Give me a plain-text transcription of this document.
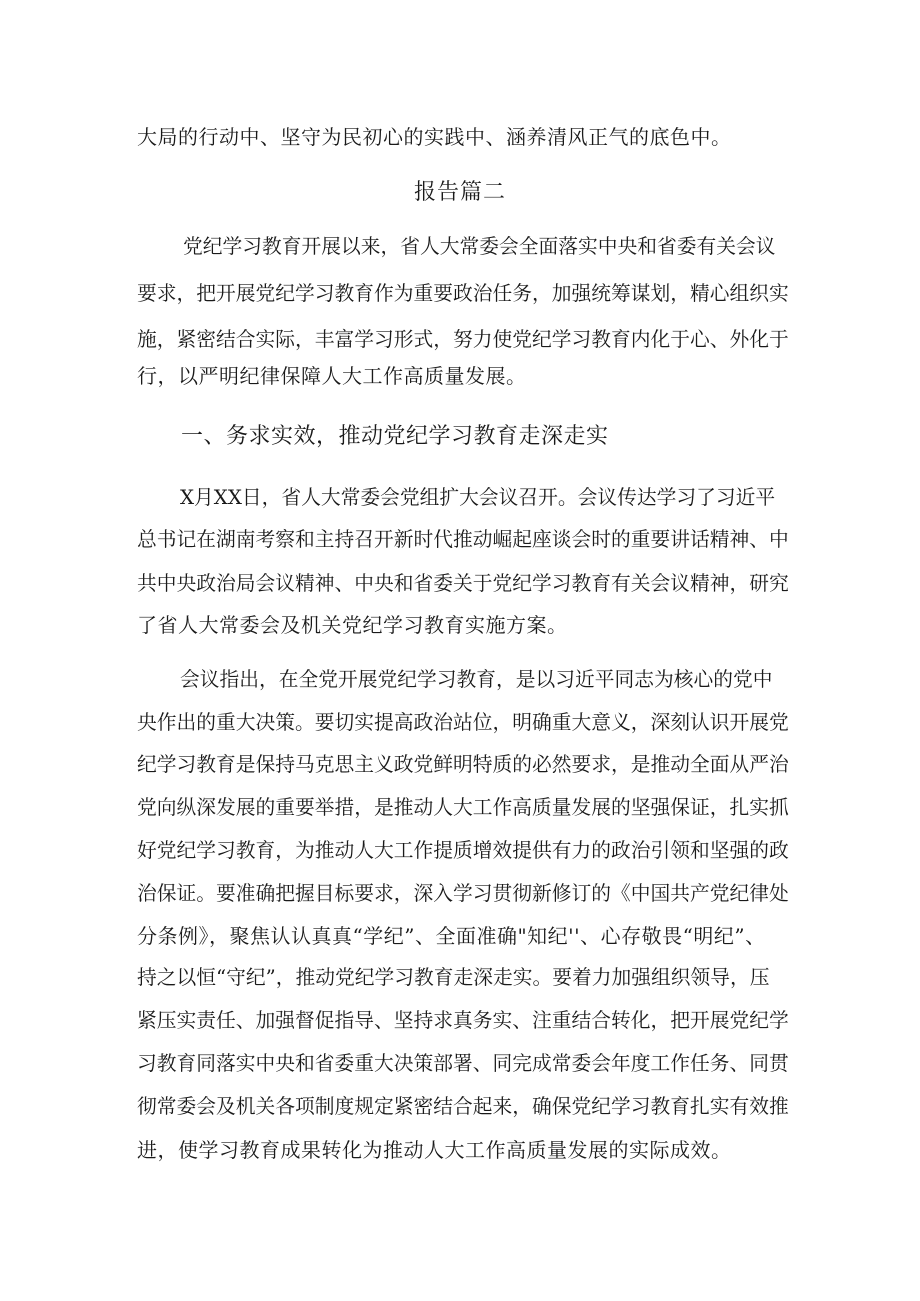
大局的行动中、坚守为民初心的实践中、涵养清风正气的底色中。
报告篇二
党纪学习教育开展以来，省人大常委会全面落实中央和省委有关会议
要求，把开展党纪学习教育作为重要政治任务，加强统筹谋划，精心组织实
施，紧密结合实际，丰富学习形式，努力使党纪学习教育内化于心、外化于
行，以严明纪律保障人大工作高质量发展。
一、务求实效，推动党纪学习教育走深走实
X月XX日，省人大常委会党组扩大会议召开。会议传达学习了习近平
总书记在湖南考察和主持召开新时代推动崛起座谈会时的重要讲话精神、中
共中央政治局会议精神、中央和省委关于党纪学习教育有关会议精神，研究
了省人大常委会及机关党纪学习教育实施方案。
会议指出，在全党开展党纪学习教育，是以习近平同志为核心的党中
央作出的重大决策。要切实提高政治站位，明确重大意义，深刻认识开展党
纪学习教育是保持马克思主义政党鲜明特质的必然要求，是推动全面从严治
党向纵深发展的重要举措，是推动人大工作高质量发展的坚强保证，扎实抓
好党纪学习教育，为推动人大工作提质增效提供有力的政治引领和坚强的政
治保证。要准确把握目标要求，深入学习贯彻新修订的《中国共产党纪律处
分条例》，聚焦认认真真“学纪”、全面准确"知纪''、心存敬畏“明纪”、
持之以恒“守纪”，推动党纪学习教育走深走实。要着力加强组织领导，压
紧压实责任、加强督促指导、坚持求真务实、注重结合转化，把开展党纪学
习教育同落实中央和省委重大决策部署、同完成常委会年度工作任务、同贯
彻常委会及机关各项制度规定紧密结合起来，确保党纪学习教育扎实有效推
进，使学习教育成果转化为推动人大工作高质量发展的实际成效。
